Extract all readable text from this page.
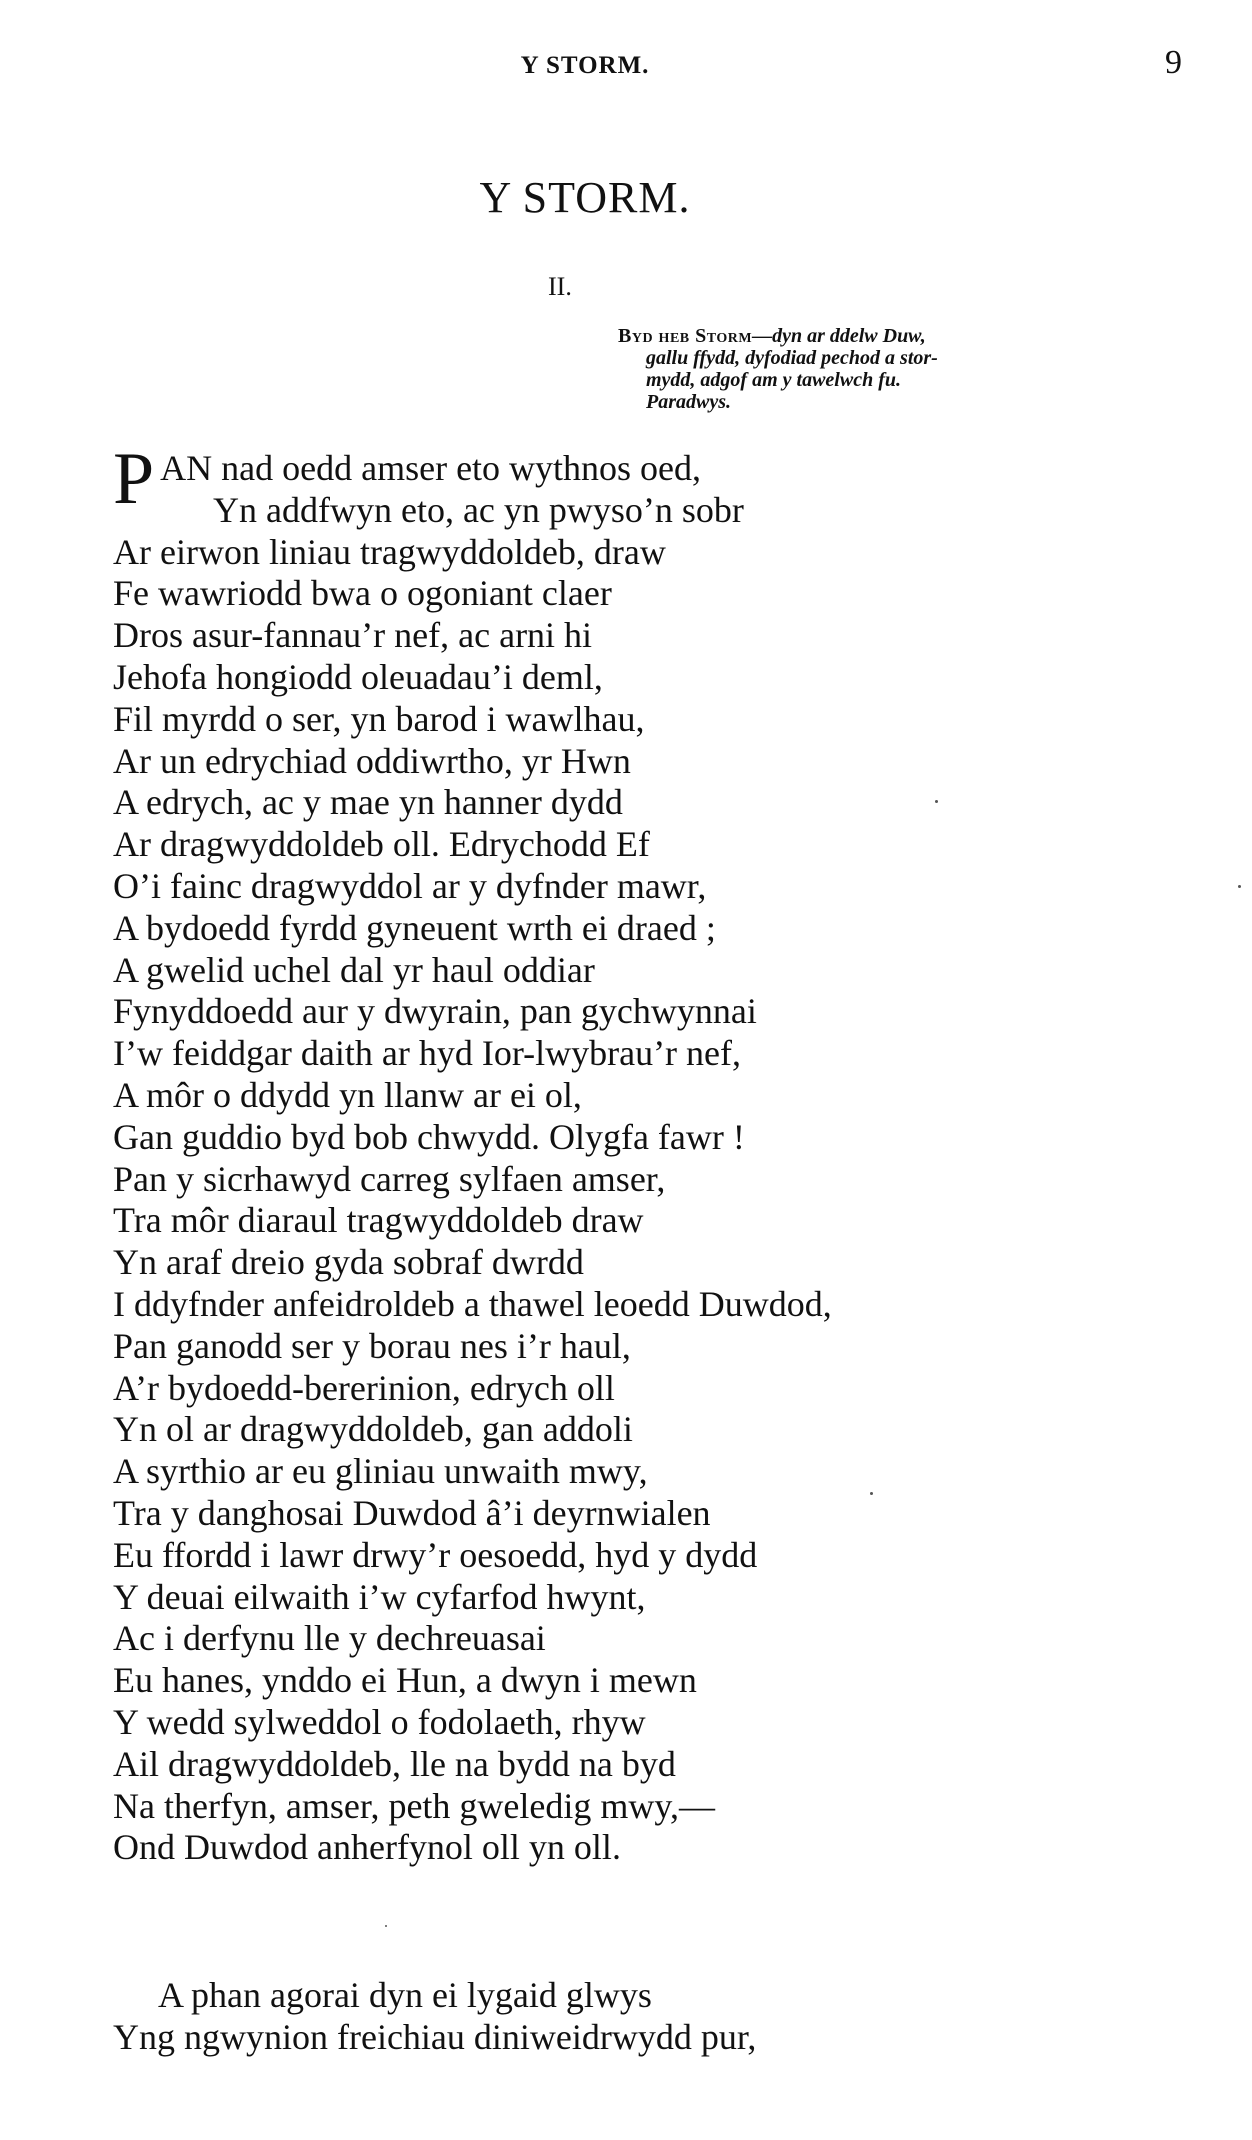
Y STORM.	9
Y STORM.
II.
Byd heb Storm—dyn ar ddelw Duw,
gallu ffydd, dyfodiad pechod a stor-
mydd, adgof am y tawelwch fu.
Paradwys.
PAN nad oedd amser eto wythnos oed,
Yn addfwyn eto, ac yn pwyso’n sobr
Ar eirwon liniau tragwyddoldeb, draw
Fe wawriodd bwa o ogoniant claer
Dros asur-fannau’r nef, ac arni hi
Jehofa hongiodd oleuadau’i deml,
Fil myrdd o ser, yn barod i wawlhau,
Ar un edrychiad oddiwrtho, yr Hwn
A edrych, ac y mae yn hanner dydd
Ar dragwyddoldeb oll. Edrychodd Ef
O’i fainc dragwyddol ar y dyfnder mawr,
A bydoedd fyrdd gyneuent wrth ei draed ;
A gwelid uchel dal yr haul oddiar
Fynyddoedd aur y dwyrain, pan gychwynnai
I’w feiddgar daith ar hyd Ior-lwybrau’r nef,
A môr o ddydd yn llanw ar ei ol,
Gan guddio byd bob chwydd. Olygfa fawr !
Pan y sicrhawyd carreg sylfaen amser,
Tra môr diaraul tragwyddoldeb draw
Yn araf dreio gyda sobraf dwrdd
I ddyfnder anfeidroldeb a thawel leoedd Duwdod,
Pan ganodd ser y borau nes i’r haul,
A’r bydoedd-bererinion, edrych oll
Yn ol ar dragwyddoldeb, gan addoli
A syrthio ar eu gliniau unwaith mwy,
Tra y danghosai Duwdod â’i deyrnwialen
Eu ffordd i lawr drwy’r oesoedd, hyd y dydd
Y deuai eilwaith i’w cyfarfod hwynt,
Ac i derfynu lle y dechreuasai
Eu hanes, ynddo ei Hun, a dwyn i mewn
Y wedd sylweddol o fodolaeth, rhyw
Ail dragwyddoldeb, lle na bydd na byd
Na therfyn, amser, peth gweledig mwy,—
Ond Duwdod anherfynol oll yn oll.
A phan agorai dyn ei lygaid glwys
Yng ngwynion freichiau diniweidrwydd pur,
